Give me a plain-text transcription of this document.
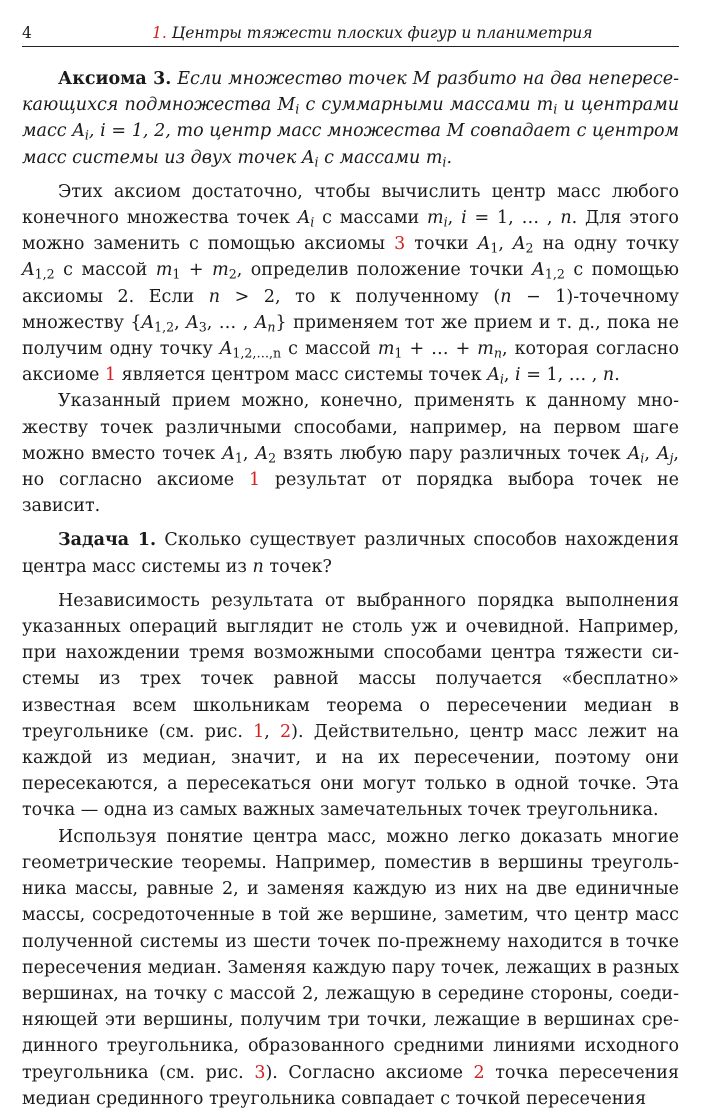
4	1. Центры тяжести плоских фигур и планиметрия

Аксиома 3. Если множество точек M разбито на два непересекающихся подмножества $M_i$ с суммарными массами $m_i$ и центрами масс $A_i$, i = 1, 2, то центр масс множества M совпадает с центром масс системы из двух точек $A_i$ с массами $m_i$.

Этих аксиом достаточно, чтобы вычислить центр масс любого конечного множества точек $A_i$ с массами $m_i$, i = 1, … , n. Для этого можно заменить с помощью аксиомы 3 точки $A_1$, $A_2$ на одну точку $A_{1,2}$ с массой $m_1 + m_2$, определив положение точки $A_{1,2}$ с помощью аксиомы 2. Если n > 2, то к полученному (n − 1)-точечному множеству {$A_{1,2}$, $A_3$, … , $A_n$} применяем тот же прием и т. д., пока не получим одну точку $A_{1,2,\dots,n}$ с массой $m_1$ + … + $m_n$, которая согласно аксиоме 1 является центром масс системы точек $A_i$, i = 1, … , n.

Указанный прием можно, конечно, применять к данному множеству точек различными способами, например, на первом шаге можно вместо точек $A_1$, $A_2$ взять любую пару различных точек $A_i$, $A_j$, но согласно аксиоме 1 результат от порядка выбора точек не зависит.

Задача 1. Сколько существует различных способов нахождения центра масс системы из n точек?

Независимость результата от выбранного порядка выполнения указанных операций выглядит не столь уж и очевидной. Например, при нахождении тремя возможными способами центра тяжести системы из трех точек равной массы получается «бесплатно» известная всем школьникам теорема о пересечении медиан в треугольнике (см. рис. 1, 2). Действительно, центр масс лежит на каждой из медиан, значит, и на их пересечении, поэтому они пересекаются, а пересекаться они могут только в одной точке. Эта точка — одна из самых важных замечательных точек треугольника.

Используя понятие центра масс, можно легко доказать многие геометрические теоремы. Например, поместив в вершины треугольника массы, равные 2, и заменяя каждую из них на две единичные массы, сосредоточенные в той же вершине, заметим, что центр масс полученной системы из шести точек по-прежнему находится в точке пересечения медиан. Заменяя каждую пару точек, лежащих в разных вершинах, на точку с массой 2, лежащую в середине стороны, соединяющей эти вершины, получим три точки, лежащие в вершинах срединного треугольника, образованного средними линиями исходного треугольника (см. рис. 3). Согласно аксиоме 2 точка пересечения медиан срединного треугольника совпадает с точкой пересечения
